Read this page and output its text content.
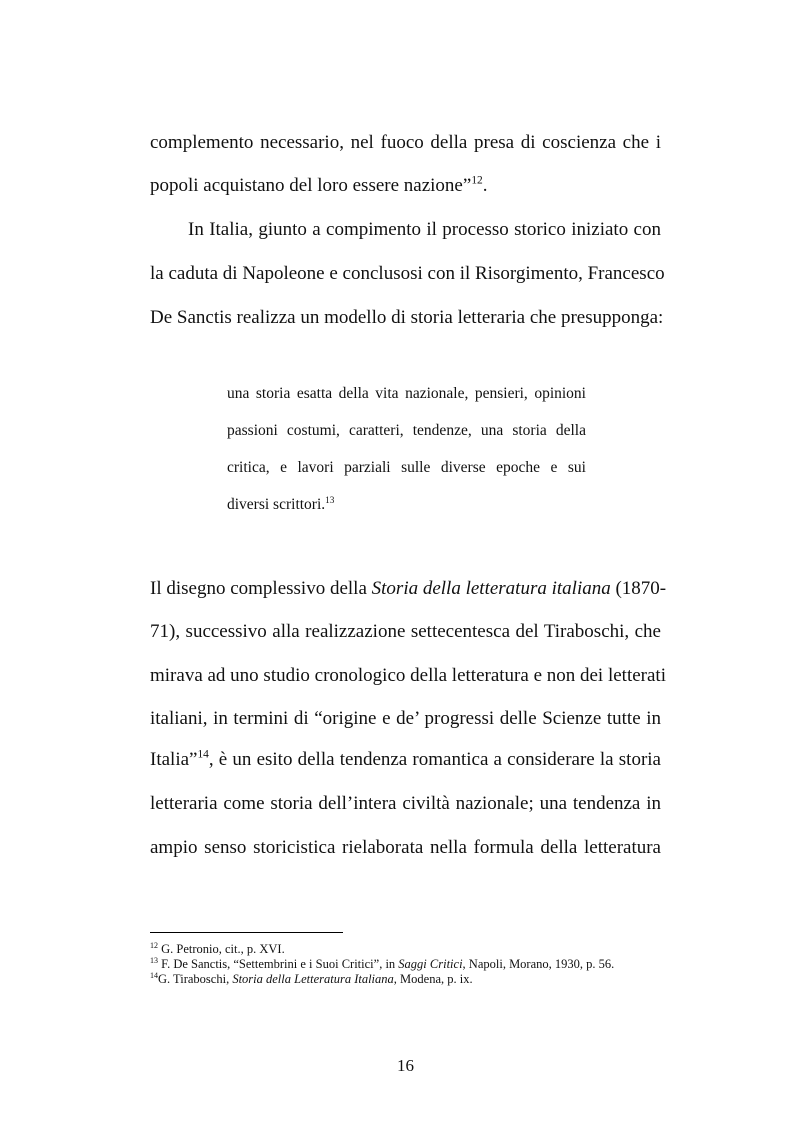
complemento necessario, nel fuoco della presa di coscienza che i
popoli acquistano del loro essere nazione”$^{12}$.
In Italia, giunto a compimento il processo storico iniziato con
la caduta di Napoleone e conclusosi con il Risorgimento, Francesco
De Sanctis realizza un modello di storia letteraria che presupponga:
una storia esatta della vita nazionale, pensieri, opinioni
passioni costumi, caratteri, tendenze, una storia della
critica, e lavori parziali sulle diverse epoche e sui
diversi scrittori.$^{13}$
Il disegno complessivo della Storia della letteratura italiana (1870-
71), successivo alla realizzazione settecentesca del Tiraboschi, che
mirava ad uno studio cronologico della letteratura e non dei letterati
italiani, in termini di “origine e de’ progressi delle Scienze tutte in
Italia”$^{14}$, è un esito della tendenza romantica a considerare la storia
letteraria come storia dell’intera civiltà nazionale; una tendenza in
ampio senso storicistica rielaborata nella formula della letteratura
$^{12}$ G. Petronio, cit., p. XVI.
$^{13}$ F. De Sanctis, “Settembrini e i Suoi Critici”, in Saggi Critici, Napoli, Morano, 1930, p. 56.
$^{14}$G. Tiraboschi, Storia della Letteratura Italiana, Modena, p. ix.
16
